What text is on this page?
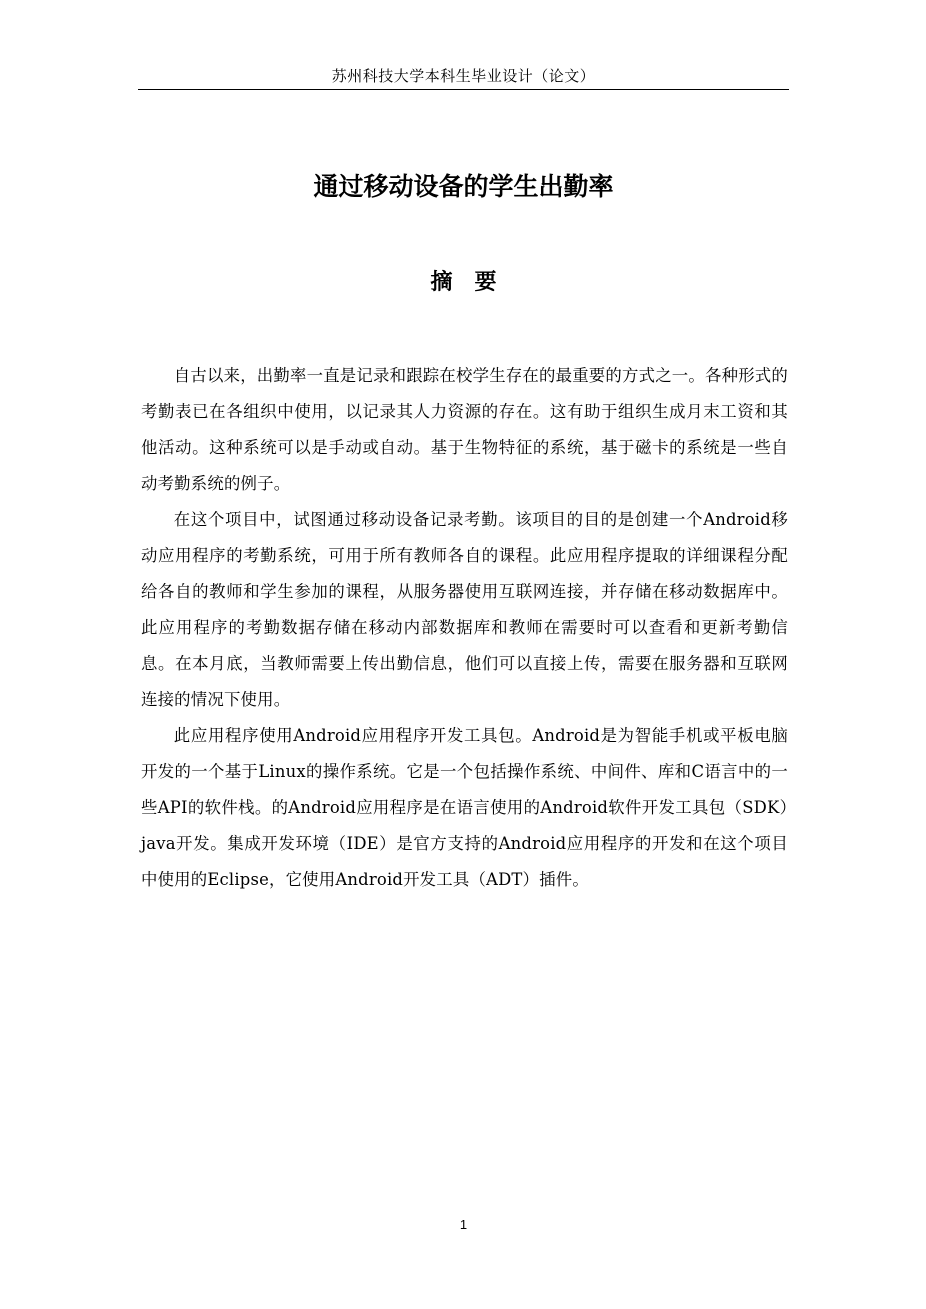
苏州科技大学本科生毕业设计（论文）
通过移动设备的学生出勤率
摘　要

自古以来，出勤率一直是记录和跟踪在校学生存在的最重要的方式之一。各种形式的考勤表已在各组织中使用，以记录其人力资源的存在。这有助于组织生成月末工资和其他活动。这种系统可以是手动或自动。基于生物特征的系统，基于磁卡的系统是一些自动考勤系统的例子。

在这个项目中，试图通过移动设备记录考勤。该项目的目的是创建一个Android移动应用程序的考勤系统，可用于所有教师各自的课程。此应用程序提取的详细课程分配给各自的教师和学生参加的课程，从服务器使用互联网连接，并存储在移动数据库中。此应用程序的考勤数据存储在移动内部数据库和教师在需要时可以查看和更新考勤信息。在本月底，当教师需要上传出勤信息，他们可以直接上传，需要在服务器和互联网连接的情况下使用。

此应用程序使用Android应用程序开发工具包。Android是为智能手机或平板电脑开发的一个基于Linux的操作系统。它是一个包括操作系统、中间件、库和C语言中的一些API的软件栈。的Android应用程序是在语言使用的Android软件开发工具包（SDK）java开发。集成开发环境（IDE）是官方支持的Android应用程序的开发和在这个项目中使用的Eclipse，它使用Android开发工具（ADT）插件。

1
